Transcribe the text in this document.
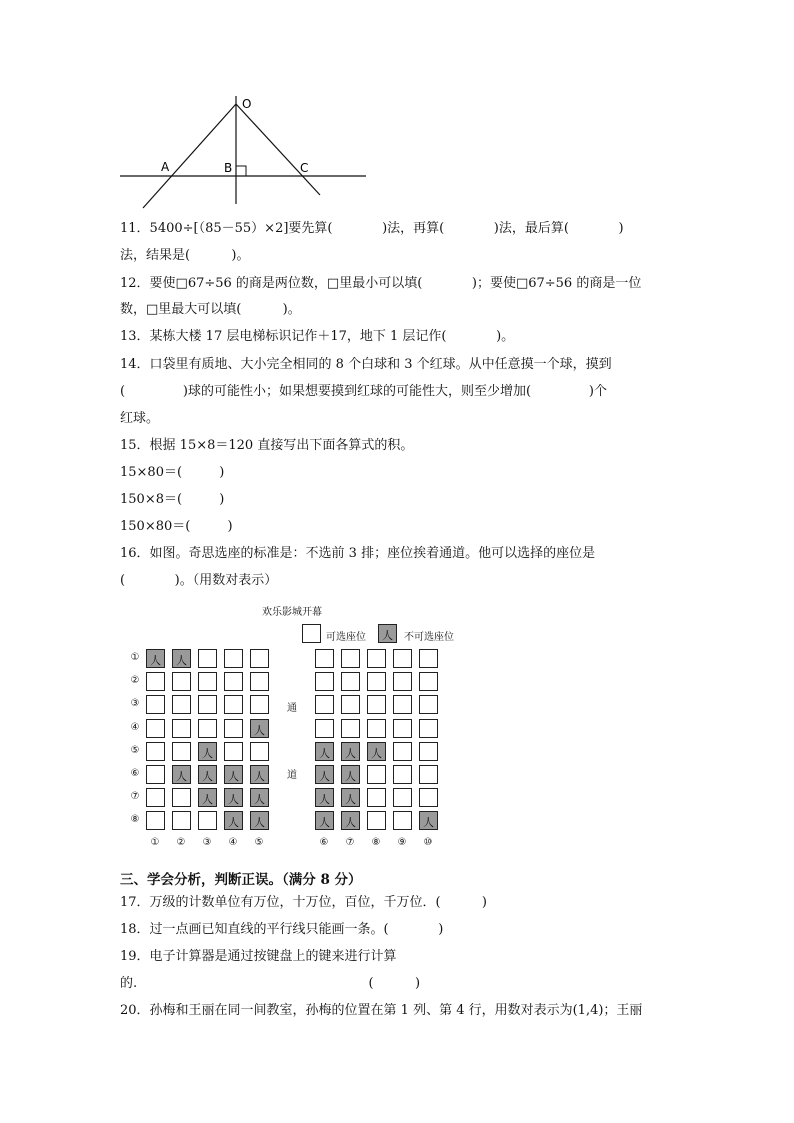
O
A	B	C
11．5400÷[（85－55）×2]要先算(            )法，再算(            )法，最后算(            )
法，结果是(          )。
12．要使□67÷56 的商是两位数，□里最小可以填(            )；要使□67÷56 的商是一位
数，□里最大可以填(          )。
13．某栋大楼 17 层电梯标识记作＋17，地下 1 层记作(            )。
14．口袋里有质地、大小完全相同的 8 个白球和 3 个红球。从中任意摸一个球，摸到
(              )球的可能性小；如果想要摸到红球的可能性大，则至少增加(              )个
红球。
15．根据 15×8＝120 直接写出下面各算式的积。
15×80＝(         )
150×8＝(         )
150×80＝(         )
16．如图。奇思选座的标准是：不选前 3 排；座位挨着通道。他可以选择的座位是
(            )。（用数对表示）
欢乐影城开幕
可选座位
人	不可选座位
通
道
①
人
人
②
③
④
人
⑤
人
人
人
人
⑥
人
人
人
人
人
人
⑦
人
人
人
人
人
⑧
人
人
人
人
人
① ② ③ ④ ⑤	⑥ ⑦ ⑧ ⑨ ⑩
三、学会分析，判断正误。（满分 8 分）
17．万级的计数单位有万位，十万位，百位，千万位．(          )
18．过一点画已知直线的平行线只能画一条。(            )
19．电子计算器是通过按键盘上的键来进行计算
的.                                                        (          )
20．孙梅和王丽在同一间教室，孙梅的位置在第 1 列、第 4 行，用数对表示为(1,4)；王丽
